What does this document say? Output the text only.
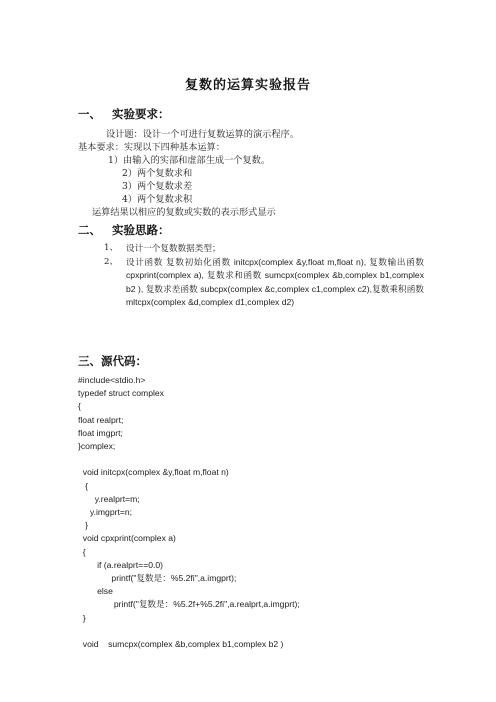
复数的运算实验报告
一、 实验要求：
设计题：设计一个可进行复数运算的演示程序。
基本要求：实现以下四种基本运算：
1）由输入的实部和虚部生成一个复数。
2）两个复数求和
3）两个复数求差
4）两个复数求积
运算结果以相应的复数或实数的表示形式显示
二、 实验思路：
1、 设计一个复数数据类型；
2、 设计函数 复数初始化函数 initcpx(complex &y,float m,float n), 复数输出函数 cpxprint(complex a), 复数求和函数 sumcpx(complex &b,complex b1,complex b2 ), 复数求差函数 subcpx(complex &c,complex c1,complex c2),复数乘积函数 mltcpx(complex &d,complex d1,complex d2)
三、源代码：
#include<stdio.h>
typedef struct complex
{
float realprt;
float imgprt;
}complex;

void initcpx(complex &y,float m,float n)
{
y.realprt=m;
y.imgprt=n;
}
void cpxprint(complex a)
{
if (a.realprt==0.0)
printf("复数是：%5.2fi",a.imgprt);
else
printf("复数是：%5.2f+%5.2fi",a.realprt,a.imgprt);
}

void    sumcpx(complex &b,complex b1,complex b2 )
